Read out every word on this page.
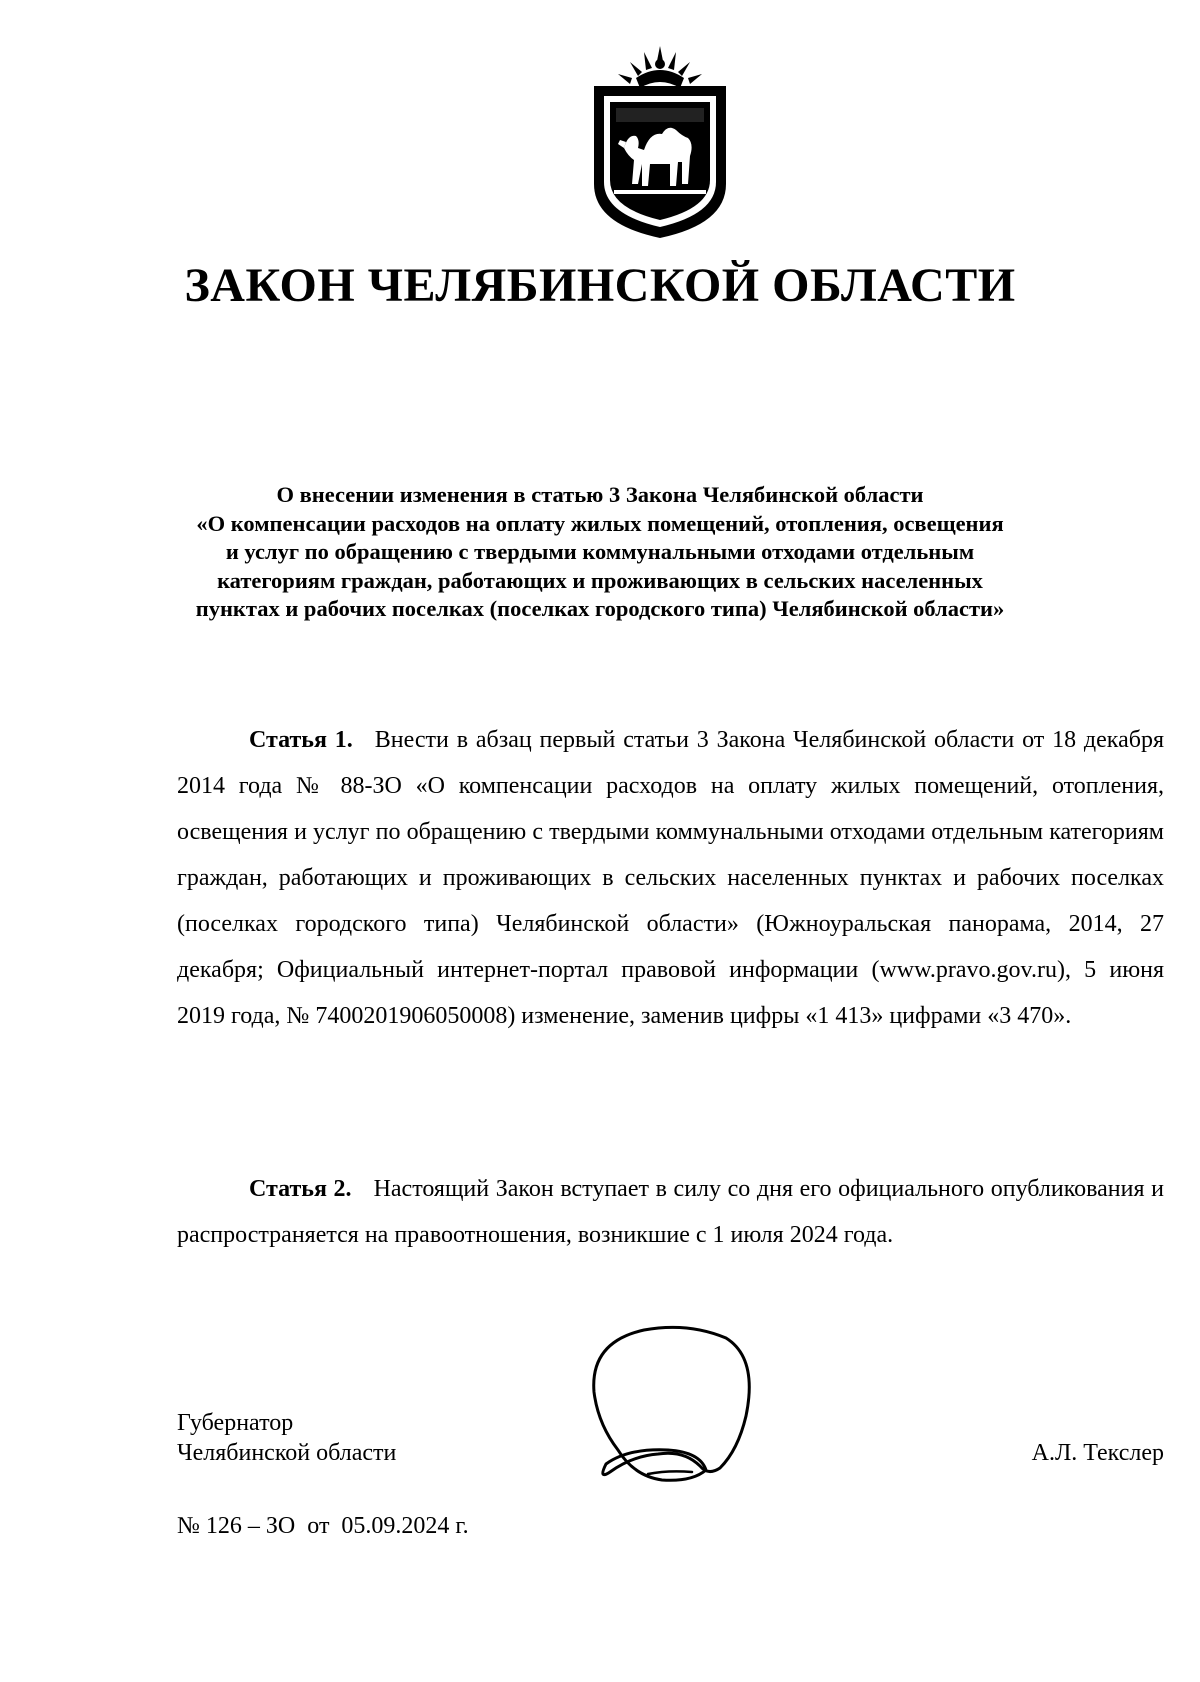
ЗАКОН ЧЕЛЯБИНСКОЙ ОБЛАСТИ
О внесении изменения в статью 3 Закона Челябинской области
«О компенсации расходов на оплату жилых помещений, отопления, освещения
и услуг по обращению с твердыми коммунальными отходами отдельным
категориям граждан, работающих и проживающих в сельских населенных
пунктах и рабочих поселках (поселках городского типа) Челябинской области»

Статья 1. Внести в абзац первый статьи 3 Закона Челябинской области от 18 декабря 2014 года № 88-ЗО «О компенсации расходов на оплату жилых помещений, отопления, освещения и услуг по обращению с твердыми коммунальными отходами отдельным категориям граждан, работающих и проживающих в сельских населенных пунктах и рабочих поселках (поселках городского типа) Челябинской области» (Южноуральская панорама, 2014, 27 декабря; Официальный интернет-портал правовой информации (www.pravo.gov.ru), 5 июня 2019 года, № 7400201906050008) изменение, заменив цифры «1 413» цифрами «3 470».

Статья 2. Настоящий Закон вступает в силу со дня его официального опубликования и распространяется на правоотношения, возникшие с 1 июля 2024 года.

Губернатор
Челябинской области	А.Л. Текслер
№ 126 – ЗО  от  05.09.2024 г.
